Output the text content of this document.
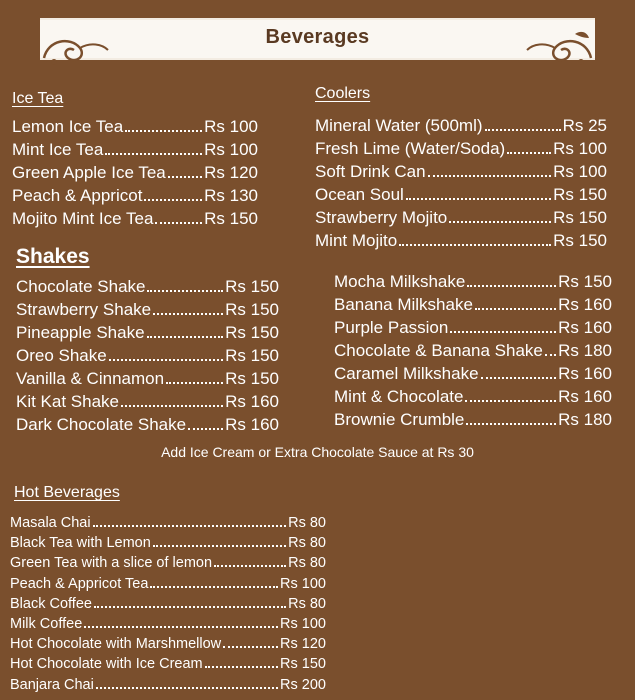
Beverages
Ice Tea
Lemon Ice Tea	Rs 100
Mint Ice Tea	Rs 100
Green Apple Ice Tea Rs 120
Peach & Appricot	Rs 130
Mojito Mint Ice Tea	Rs 150
Coolers
Mineral Water (500ml)	Rs 25
Fresh Lime (Water/Soda)	Rs 100
Soft Drink Can	Rs 100
Ocean Soul	Rs 150
Strawberry Mojito	Rs 150
Mint Mojito	Rs 150
Shakes
Chocolate Shake	Rs 150
Strawberry Shake	Rs 150
Pineapple Shake	Rs 150
Oreo Shake	Rs 150
Vanilla & Cinnamon	Rs 150
Kit Kat Shake	Rs 160
Dark Chocolate Shake Rs 160
Mocha Milkshake	Rs 150
Banana Milkshake	Rs 160
Purple Passion	Rs 160
Chocolate & Banana Shake Rs 180
Caramel Milkshake	Rs 160
Mint & Chocolate	Rs 160
Brownie Crumble	Rs 180
Add Ice Cream or Extra Chocolate Sauce at Rs 30
Hot Beverages
Masala Chai	Rs 80
Black Tea with Lemon	Rs 80
Green Tea with a slice of lemon	Rs 80
Peach & Appricot Tea	Rs 100
Black Coffee	Rs 80
Milk Coffee	Rs 100
Hot Chocolate with Marshmellow	Rs 120
Hot Chocolate with Ice Cream	Rs 150
Banjara Chai	Rs 200
